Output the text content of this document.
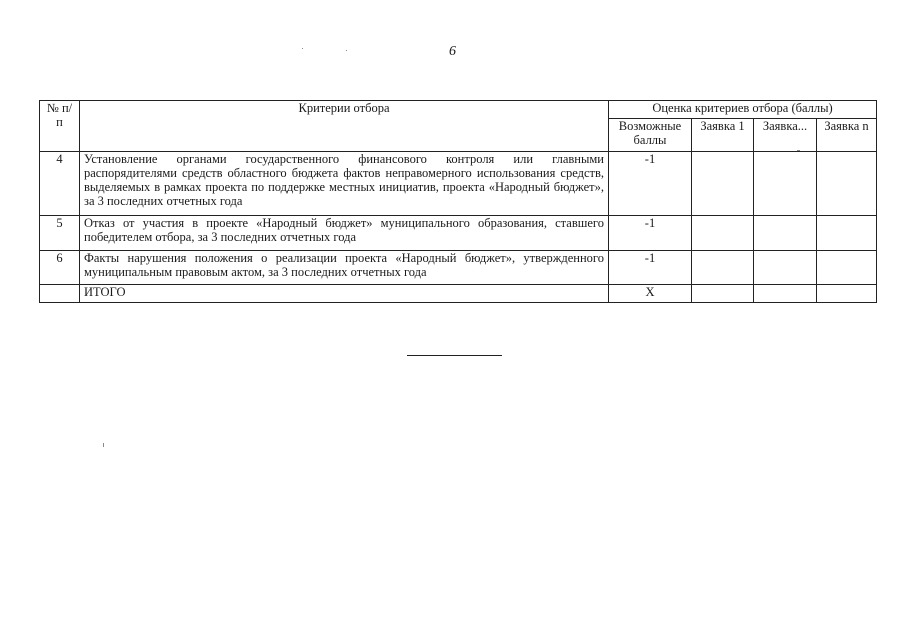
6
№ п/п	Критерии отбора	Оценка критериев отбора (баллы)			
		Возможные баллы	Заявка 1	Заявка...	Заявка n
4	Установление органами государственного финансового контроля или главными распорядителями средств областного бюджета фактов неправомерного использования средств, выделяемых в рамках проекта по поддержке местных инициатив, проекта «Народный бюджет», за 3 последних отчетных года	-1			
5	Отказ от участия в проекте «Народный бюджет» муниципального образования, ставшего победителем отбора, за 3 последних отчетных года	-1			
6	Факты нарушения положения о реализации проекта «Народный бюджет», утвержденного муниципальным правовым актом, за 3 последних отчетных года	-1			
	ИТОГО	Х			
